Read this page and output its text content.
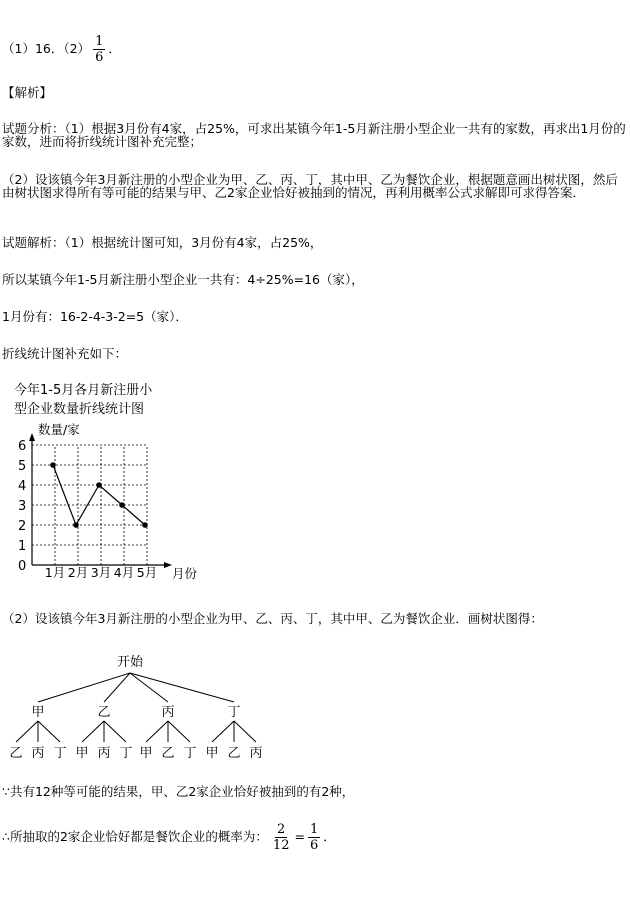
（1）16．$(2) \frac{1}{6}$ ．
【解析】
试题分析：（1）根据3月份有4家，占25%，可求出某镇今年1-5月新注册小型企业一共有的家数，再求出1月份的家数，进而将折线统计图补充完整；
（2）设该镇今年3月新注册的小型企业为甲、乙、丙、丁，其中甲、乙为餐饮企业，根据题意画出树状图，然后由树状图求得所有等可能的结果与甲、乙2家企业恰好被抽到的情况，再利用概率公式求解即可求得答案．
试题解析：（1）根据统计图可知，3月份有4家，占25%，
所以某镇今年1-5月新注册小型企业一共有：4÷25%=16（家），
1月份有：16-2-4-3-2=5（家）．
折线统计图补充如下：
今年1-5月各月新注册小
型企业数量折线统计图
数量/家
0
1
2
3
4
5
6
1月 2月 3月 4月 5月 月份
（2）设该镇今年3月新注册的小型企业为甲、乙、丙、丁，其中甲、乙为餐饮企业．画树状图得：
开始
甲
乙 丙 丁
乙
甲 丙 丁
丙
甲 乙 丁
丁
甲 乙 丙
∵共有12种等可能的结果，甲、乙2家企业恰好被抽到的有2种，
∴所抽取的2家企业恰好都是餐饮企业的概率为： $\frac{2}{12} = \frac{1}{6}$ ．
